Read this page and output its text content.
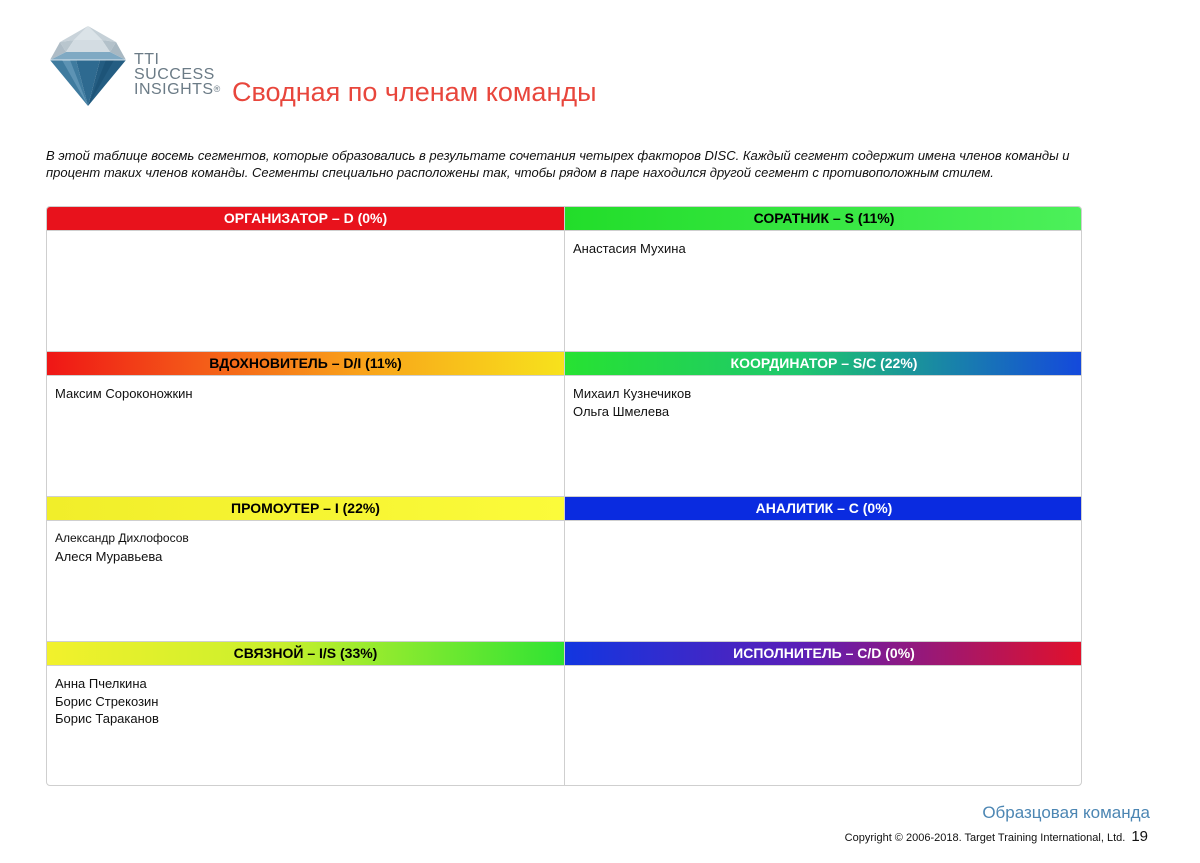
TTI
SUCCESS
INSIGHTS® Сводная по членам команды
В этой таблице восемь сегментов, которые образовались в результате сочетания четырех факторов DISC. Каждый сегмент содержит имена членов команды и процент таких членов команды. Сегменты специально расположены так, чтобы рядом в паре находился другой сегмент с противоположным стилем.
ОРГАНИЗАТОР – D (0%)	СОРАТНИК – S (11%)
Анастасия Мухина
ВДОХНОВИТЕЛЬ – D/I (11%)
Максим Сороконожкин
КООРДИНАТОР – S/C (22%)
Михаил Кузнечиков
Ольга Шмелева
ПРОМОУТЕР – I (22%)
Александр Дихлофосов
Алеся Муравьева
АНАЛИТИК – C (0%)
СВЯЗНОЙ – I/S (33%)
Анна Пчелкина
Борис Стрекозин
Борис Тараканов
ИСПОЛНИТЕЛЬ – C/D (0%)
Образцовая команда
Copyright © 2006-2018. Target Training International, Ltd. 19
